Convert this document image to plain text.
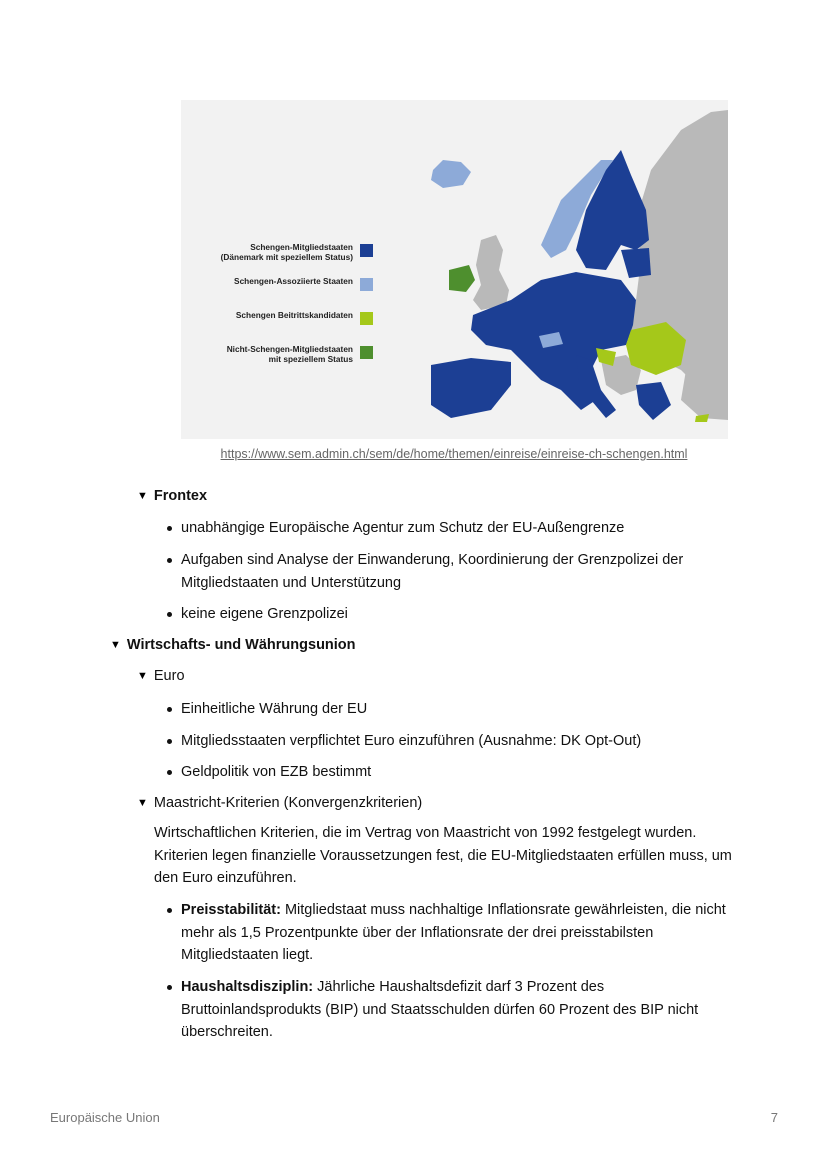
Schengen-Mitgliedstaaten
(Dänemark mit speziellem Status)
Schengen-Assoziierte Staaten
Schengen Beitrittskandidaten
Nicht-Schengen-Mitgliedstaaten
mit speziellem Status
https://www.sem.admin.ch/sem/de/home/themen/einreise/einreise-ch-schengen.html
▼ Frontex
unabhängige Europäische Agentur zum Schutz der EU-Außengrenze
Aufgaben sind Analyse der Einwanderung, Koordinierung der Grenzpolizei der Mitgliedstaaten und Unterstützung
keine eigene Grenzpolizei
▼ Wirtschafts- und Währungsunion
▼ Euro
Einheitliche Währung der EU
Mitgliedsstaaten verpflichtet Euro einzuführen (Ausnahme: DK Opt-Out)
Geldpolitik von EZB bestimmt
▼ Maastricht-Kriterien (Konvergenzkriterien)
Wirtschaftlichen Kriterien, die im Vertrag von Maastricht von 1992 festgelegt wurden. Kriterien legen finanzielle Voraussetzungen fest, die EU-Mitgliedstaaten erfüllen muss, um den Euro einzuführen.
Preisstabilität: Mitgliedstaat muss nachhaltige Inflationsrate gewährleisten, die nicht mehr als 1,5 Prozentpunkte über der Inflationsrate der drei preisstabilsten Mitgliedstaaten liegt.
Haushaltsdisziplin: Jährliche Haushaltsdefizit darf 3 Prozent des Bruttoinlandsprodukts (BIP) und Staatsschulden dürfen 60 Prozent des BIP nicht überschreiten.
Europäische Union	7
